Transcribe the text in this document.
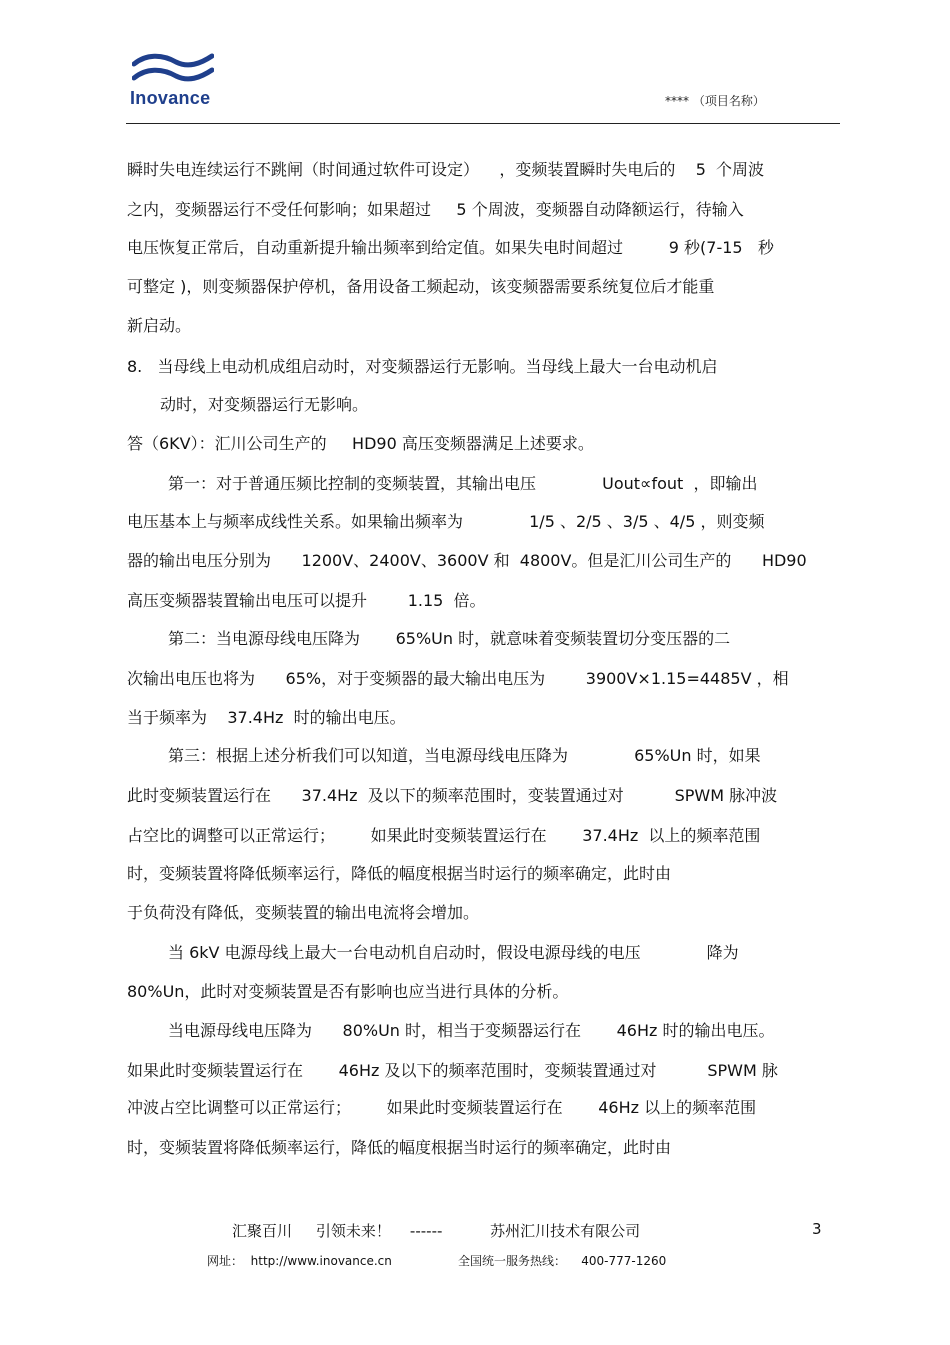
Inovance	**** （项目名称）
瞬时失电连续运行不跳闸（时间通过软件可设定）    ，变频装置瞬时失电后的    5  个周波
之内，变频器运行不受任何影响；如果超过     5 个周波，变频器自动降额运行，待输入
电压恢复正常后，自动重新提升输出频率到给定值。如果失电时间超过         9 秒(7-15   秒
可整定 )，则变频器保护停机，备用设备工频起动，该变频器需要系统复位后才能重
新启动。
8.   当母线上电动机成组启动时，对变频器运行无影响。当母线上最大一台电动机启
动时，对变频器运行无影响。
答（6KV）：汇川公司生产的     HD90 高压变频器满足上述要求。
第一：对于普通压频比控制的变频装置，其输出电压             Uout∝fout  ，即输出
电压基本上与频率成线性关系。如果输出频率为             1/5 、2/5 、3/5 、4/5 ，则变频
器的输出电压分别为      1200V、2400V、3600V 和  4800V。但是汇川公司生产的      HD90
高压变频器装置输出电压可以提升        1.15  倍。
第二：当电源母线电压降为       65%Un 时，就意味着变频装置切分变压器的二
次输出电压也将为      65%，对于变频器的最大输出电压为        3900V×1.15=4485V ，相
当于频率为    37.4Hz  时的输出电压。
第三：根据上述分析我们可以知道，当电源母线电压降为             65%Un 时，如果
此时变频装置运行在      37.4Hz  及以下的频率范围时，变装置通过对          SPWM 脉冲波
占空比的调整可以正常运行；       如果此时变频装置运行在       37.4Hz  以上的频率范围
时，变频装置将降低频率运行，降低的幅度根据当时运行的频率确定，此时由
于负荷没有降低，变频装置的输出电流将会增加。
当 6kV 电源母线上最大一台电动机自启动时，假设电源母线的电压             降为
80%Un，此时对变频装置是否有影响也应当进行具体的分析。
当电源母线电压降为      80%Un 时，相当于变频器运行在       46Hz 时的输出电压。
如果此时变频装置运行在       46Hz 及以下的频率范围时，变频装置通过对          SPWM 脉
冲波占空比调整可以正常运行；       如果此时变频装置运行在       46Hz 以上的频率范围
时，变频装置将降低频率运行，降低的幅度根据当时运行的频率确定，此时由
汇聚百川     引领未来！    ------          苏州汇川技术有限公司	3
网址：  http://www.inovance.cn	全国统一服务热线：    400-777-1260
